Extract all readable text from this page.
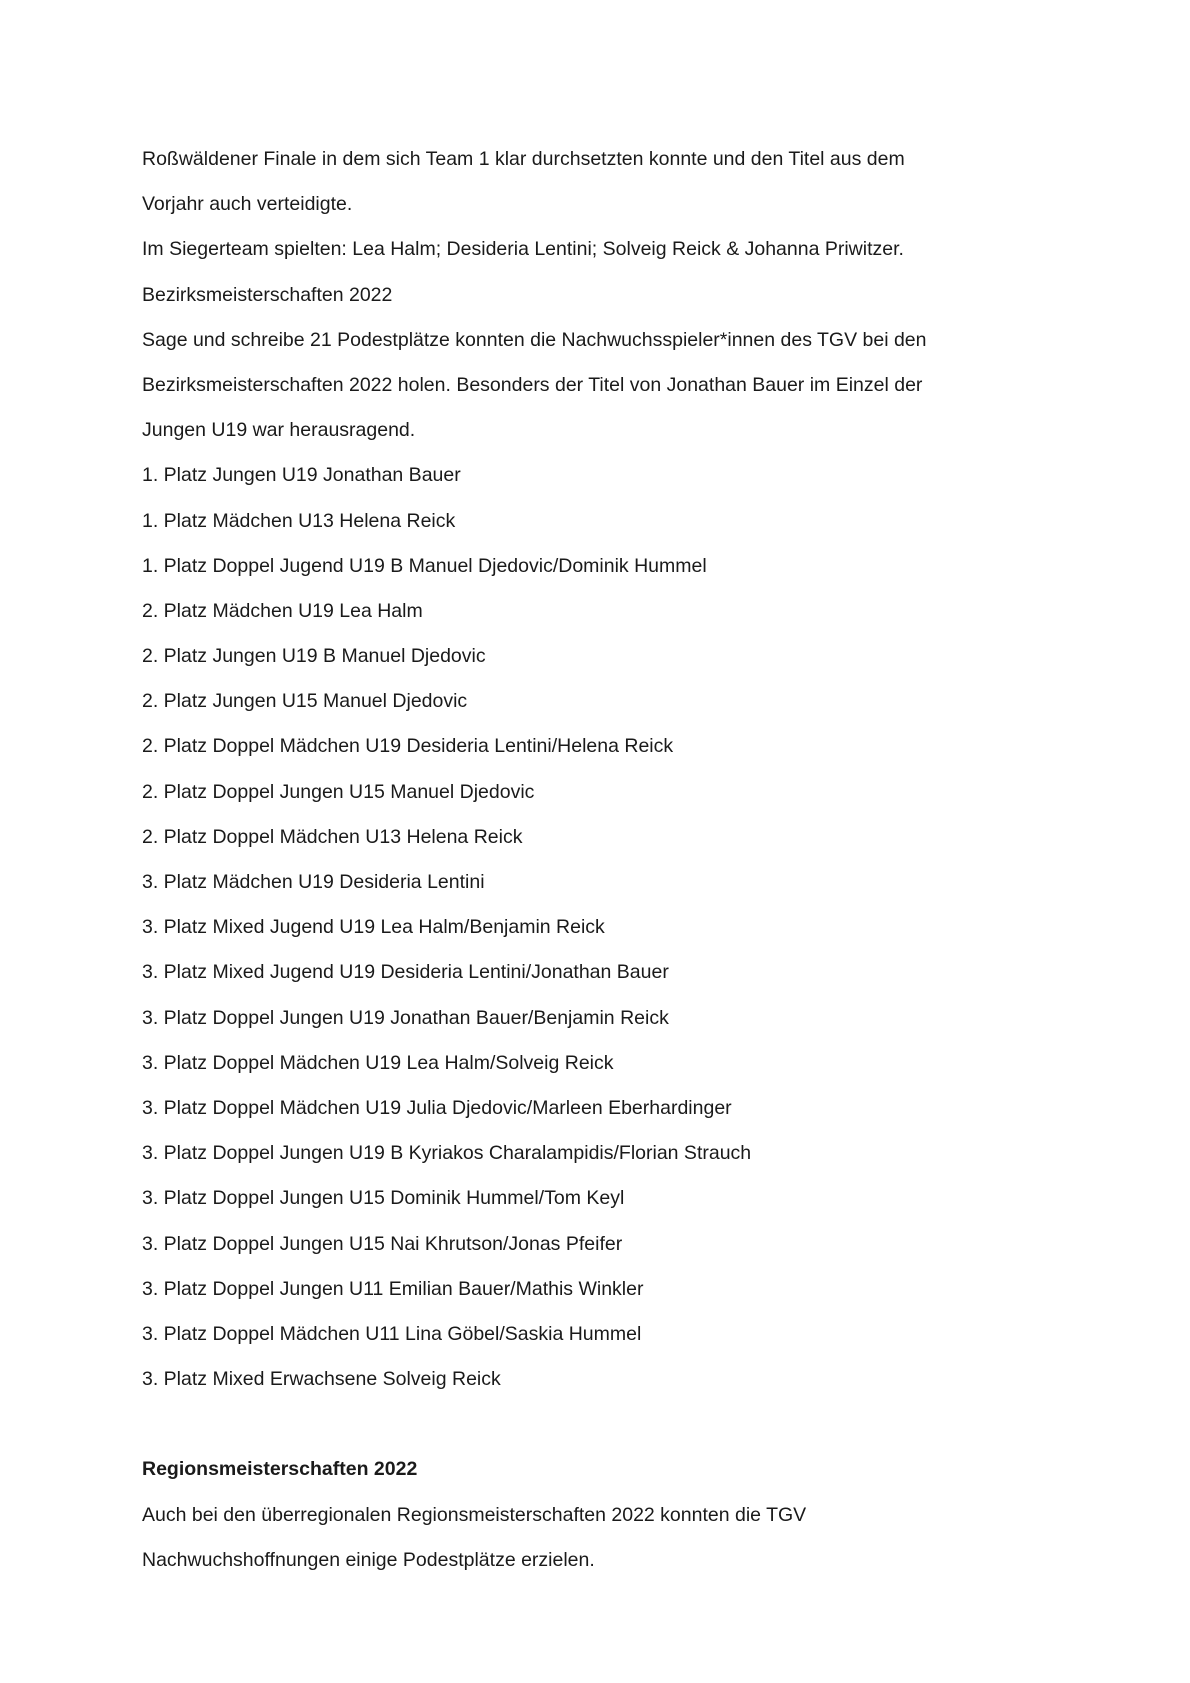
Roßwäldener Finale in dem sich Team 1 klar durchsetzten konnte und den Titel aus dem
Vorjahr auch verteidigte.
Im Siegerteam spielten: Lea Halm; Desideria Lentini; Solveig Reick & Johanna Priwitzer.
Bezirksmeisterschaften 2022
Sage und schreibe 21 Podestplätze konnten die Nachwuchsspieler*innen des TGV bei den
Bezirksmeisterschaften 2022 holen. Besonders der Titel von Jonathan Bauer im Einzel der
Jungen U19 war herausragend.
1. Platz Jungen U19 Jonathan Bauer
1. Platz Mädchen U13 Helena Reick
1. Platz Doppel Jugend U19 B Manuel Djedovic/Dominik Hummel
2. Platz Mädchen U19 Lea Halm
2. Platz Jungen U19 B Manuel Djedovic
2. Platz Jungen U15 Manuel Djedovic
2. Platz Doppel Mädchen U19 Desideria Lentini/Helena Reick
2. Platz Doppel Jungen U15 Manuel Djedovic
2. Platz Doppel Mädchen U13 Helena Reick
3. Platz Mädchen U19 Desideria Lentini
3. Platz Mixed Jugend U19 Lea Halm/Benjamin Reick
3. Platz Mixed Jugend U19 Desideria Lentini/Jonathan Bauer
3. Platz Doppel Jungen U19 Jonathan Bauer/Benjamin Reick
3. Platz Doppel Mädchen U19 Lea Halm/Solveig Reick
3. Platz Doppel Mädchen U19 Julia Djedovic/Marleen Eberhardinger
3. Platz Doppel Jungen U19 B Kyriakos Charalampidis/Florian Strauch
3. Platz Doppel Jungen U15 Dominik Hummel/Tom Keyl
3. Platz Doppel Jungen U15 Nai Khrutson/Jonas Pfeifer
3. Platz Doppel Jungen U11 Emilian Bauer/Mathis Winkler
3. Platz Doppel Mädchen U11 Lina Göbel/Saskia Hummel
3. Platz Mixed Erwachsene Solveig Reick
Regionsmeisterschaften 2022
Auch bei den überregionalen Regionsmeisterschaften 2022 konnten die TGV
Nachwuchshoffnungen einige Podestplätze erzielen.
